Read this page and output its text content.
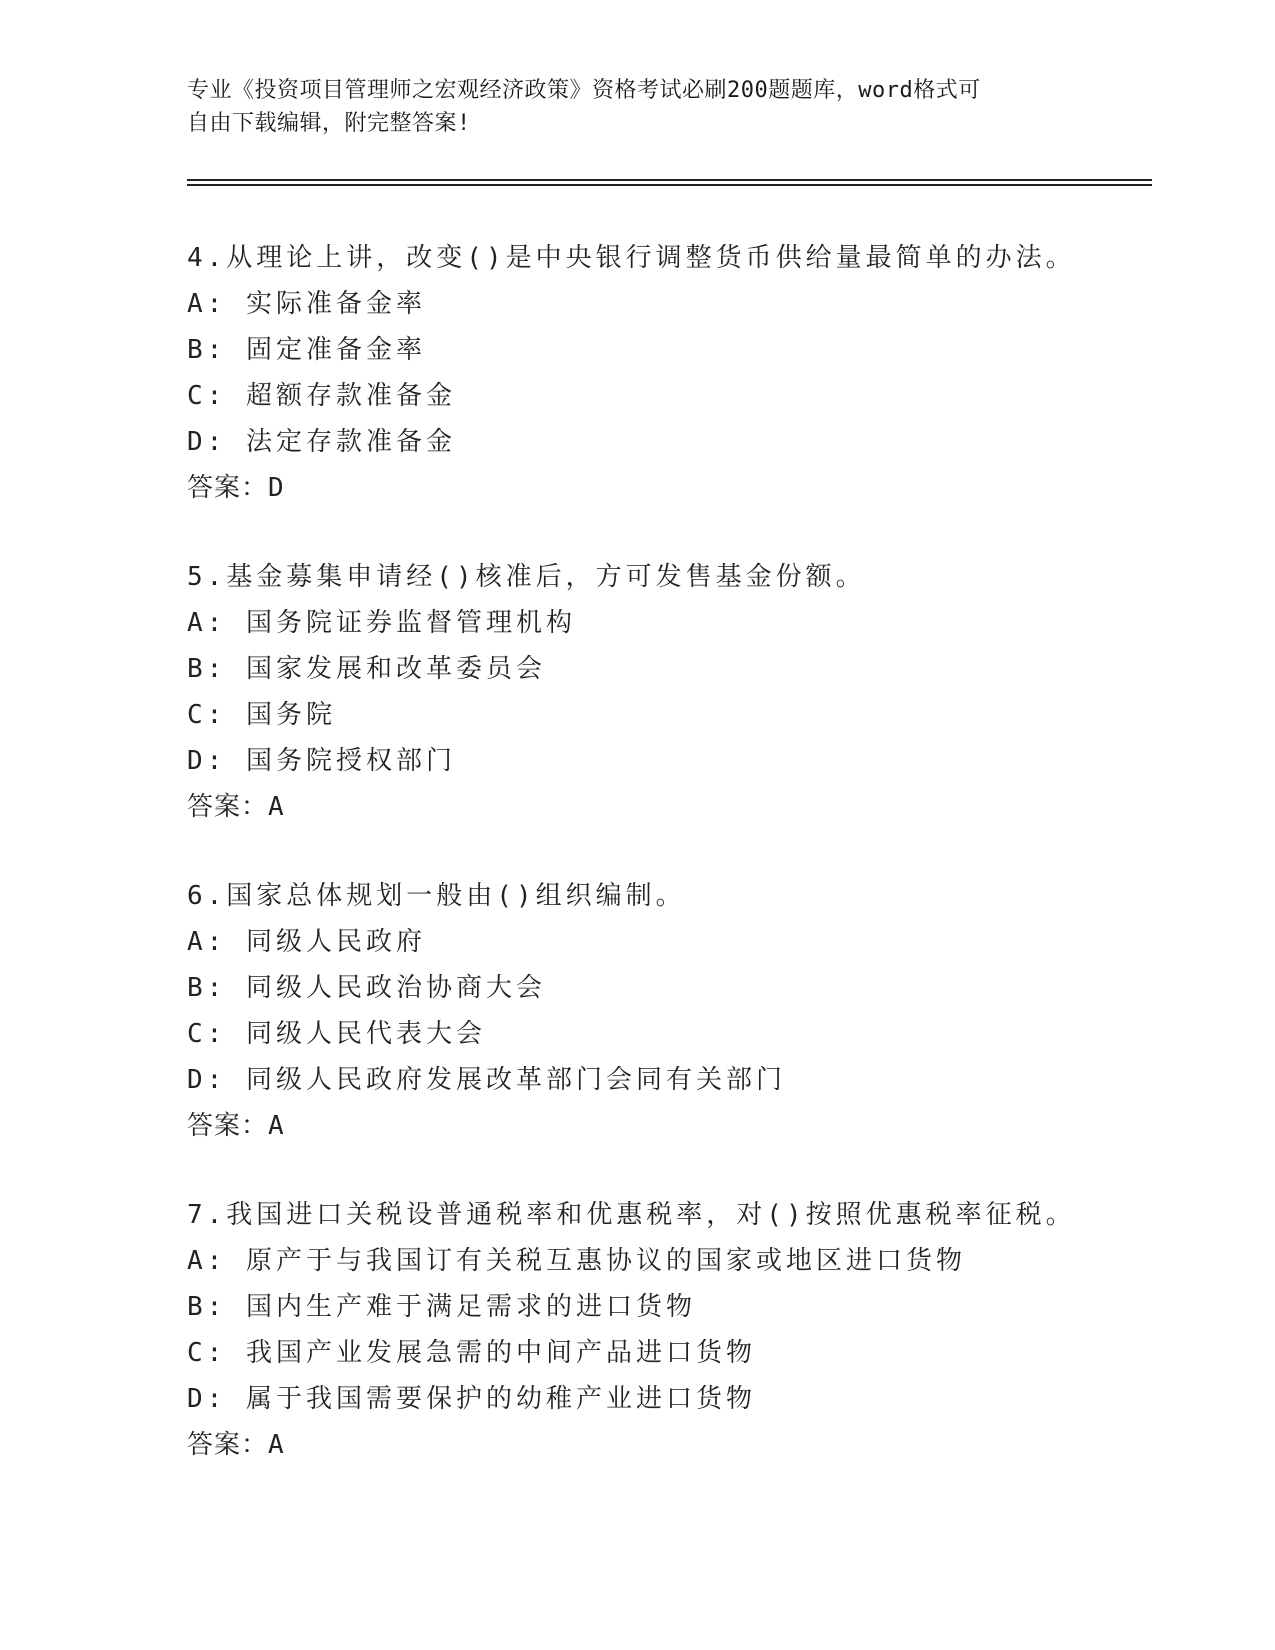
专业《投资项目管理师之宏观经济政策》资格考试必刷200题题库，word格式可
自由下载编辑，附完整答案!
4.从理论上讲，改变()是中央银行调整货币供给量最简单的办法。
A: 实际准备金率
B: 固定准备金率
C: 超额存款准备金
D: 法定存款准备金
答案：D
5.基金募集申请经()核准后，方可发售基金份额。
A: 国务院证券监督管理机构
B: 国家发展和改革委员会
C: 国务院
D: 国务院授权部门
答案：A
6.国家总体规划一般由()组织编制。
A: 同级人民政府
B: 同级人民政治协商大会
C: 同级人民代表大会
D: 同级人民政府发展改革部门会同有关部门
答案：A
7.我国进口关税设普通税率和优惠税率，对()按照优惠税率征税。
A: 原产于与我国订有关税互惠协议的国家或地区进口货物
B: 国内生产难于满足需求的进口货物
C: 我国产业发展急需的中间产品进口货物
D: 属于我国需要保护的幼稚产业进口货物
答案：A
